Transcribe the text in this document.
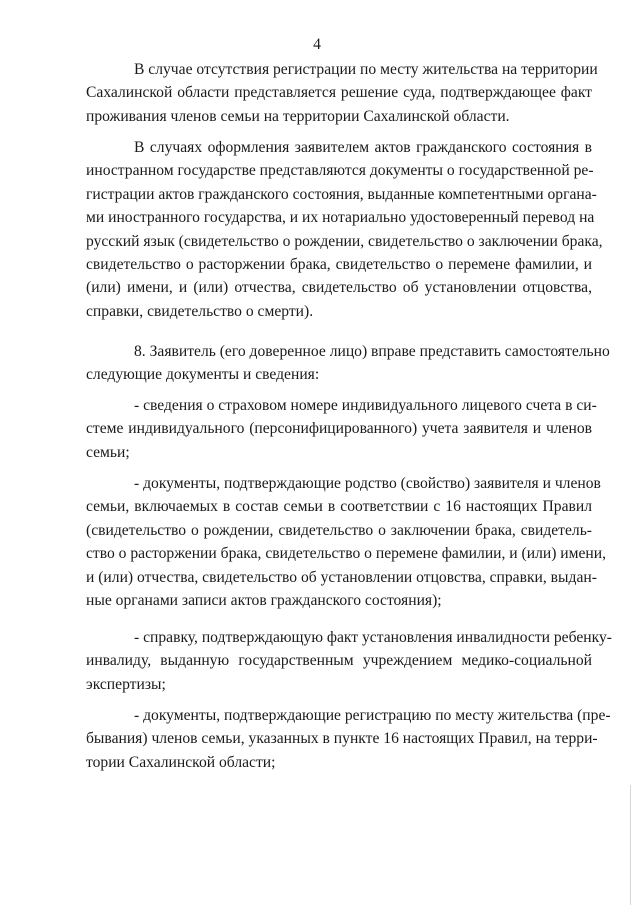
4
В случае отсутствия регистрации по месту жительства на территории
Сахалинской области представляется решение суда, подтверждающее факт
проживания членов семьи на территории Сахалинской области.
В случаях оформления заявителем актов гражданского состояния в
иностранном государстве представляются документы о государственной ре-
гистрации актов гражданского состояния, выданные компетентными органа-
ми иностранного государства, и их нотариально удостоверенный перевод на
русский язык (свидетельство о рождении, свидетельство о заключении брака,
свидетельство о расторжении брака, свидетельство о перемене фамилии, и
(или) имени, и (или) отчества, свидетельство об установлении отцовства,
справки, свидетельство о смерти).
8. Заявитель (его доверенное лицо) вправе представить самостоятельно
следующие документы и сведения:
- сведения о страховом номере индивидуального лицевого счета в си-
стеме индивидуального (персонифицированного) учета заявителя и членов
семьи;
- документы, подтверждающие родство (свойство) заявителя и членов
семьи, включаемых в состав семьи в соответствии с 16 настоящих Правил
(свидетельство о рождении, свидетельство о заключении брака, свидетель-
ство о расторжении брака, свидетельство о перемене фамилии, и (или) имени,
и (или) отчества, свидетельство об установлении отцовства, справки, выдан-
ные органами записи актов гражданского состояния);
- справку, подтверждающую факт установления инвалидности ребенку-
инвалиду, выданную государственным учреждением медико-социальной
экспертизы;
- документы, подтверждающие регистрацию по месту жительства (пре-
бывания) членов семьи, указанных в пункте 16 настоящих Правил, на терри-
тории Сахалинской области;
